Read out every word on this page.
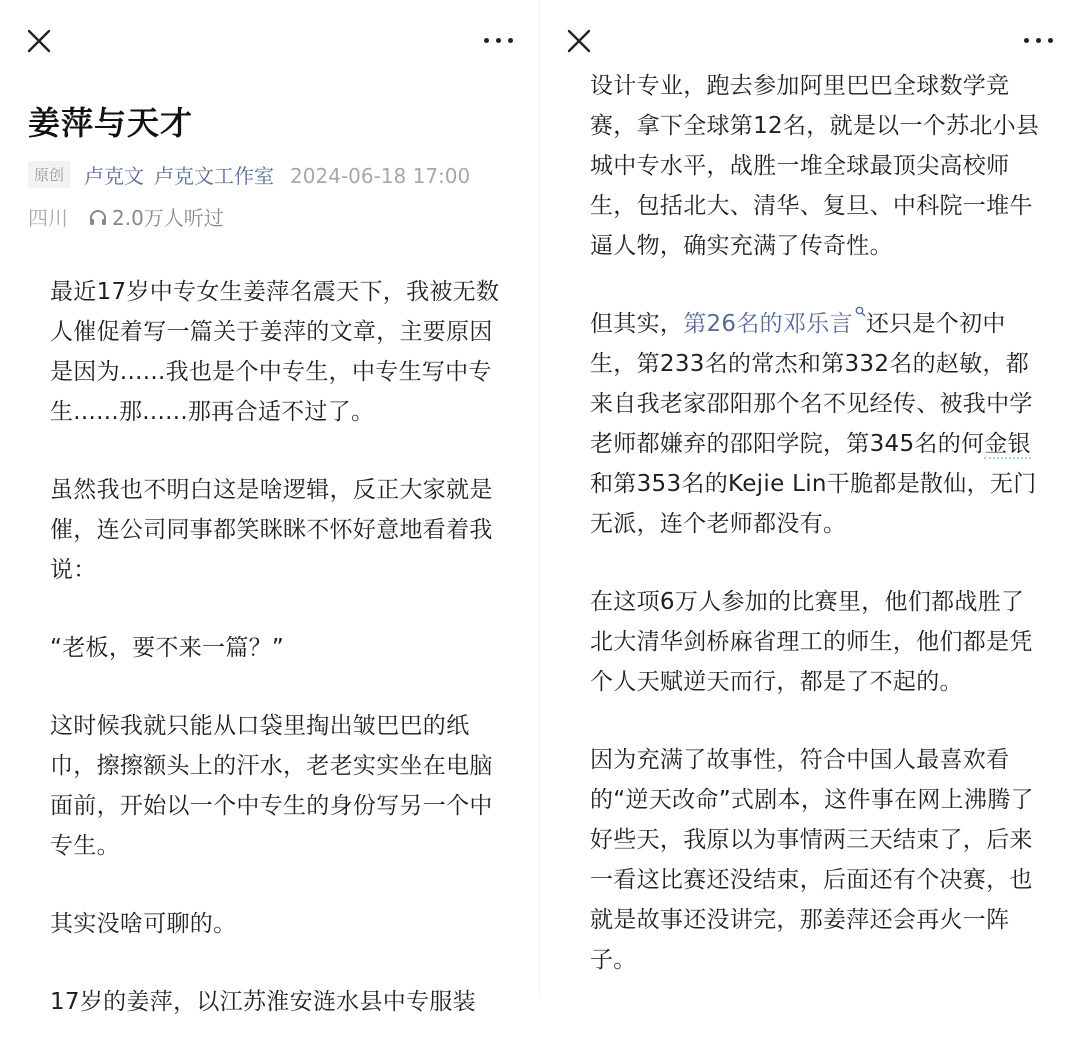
姜萍与天才
原创 卢克文 卢克文工作室 2024-06-18 17:00
四川 2.0万人听过

最近17岁中专女生姜萍名震天下，我被无数人催促着写一篇关于姜萍的文章，主要原因是因为......我也是个中专生，中专生写中专生......那......那再合适不过了。

虽然我也不明白这是啥逻辑，反正大家就是催，连公司同事都笑眯眯不怀好意地看着我说：

“老板，要不来一篇？”

这时候我就只能从口袋里掏出皱巴巴的纸巾，擦擦额头上的汗水，老老实实坐在电脑面前，开始以一个中专生的身份写另一个中专生。

其实没啥可聊的。

17岁的姜萍，以江苏淮安涟水县中专服装

设计专业，跑去参加阿里巴巴全球数学竞赛，拿下全球第12名，就是以一个苏北小县城中专水平，战胜一堆全球最顶尖高校师生，包括北大、清华、复旦、中科院一堆牛逼人物，确实充满了传奇性。

但其实，第26名的邓乐言 还只是个初中生，第233名的常杰和第332名的赵敏，都来自我老家邵阳那个名不见经传、被我中学老师都嫌弃的邵阳学院，第345名的何金银和第353名的Kejie Lin干脆都是散仙，无门无派，连个老师都没有。

在这项6万人参加的比赛里，他们都战胜了北大清华剑桥麻省理工的师生，他们都是凭个人天赋逆天而行，都是了不起的。

因为充满了故事性，符合中国人最喜欢看的“逆天改命”式剧本，这件事在网上沸腾了好些天，我原以为事情两三天结束了，后来一看这比赛还没结束，后面还有个决赛，也就是故事还没讲完，那姜萍还会再火一阵子。
